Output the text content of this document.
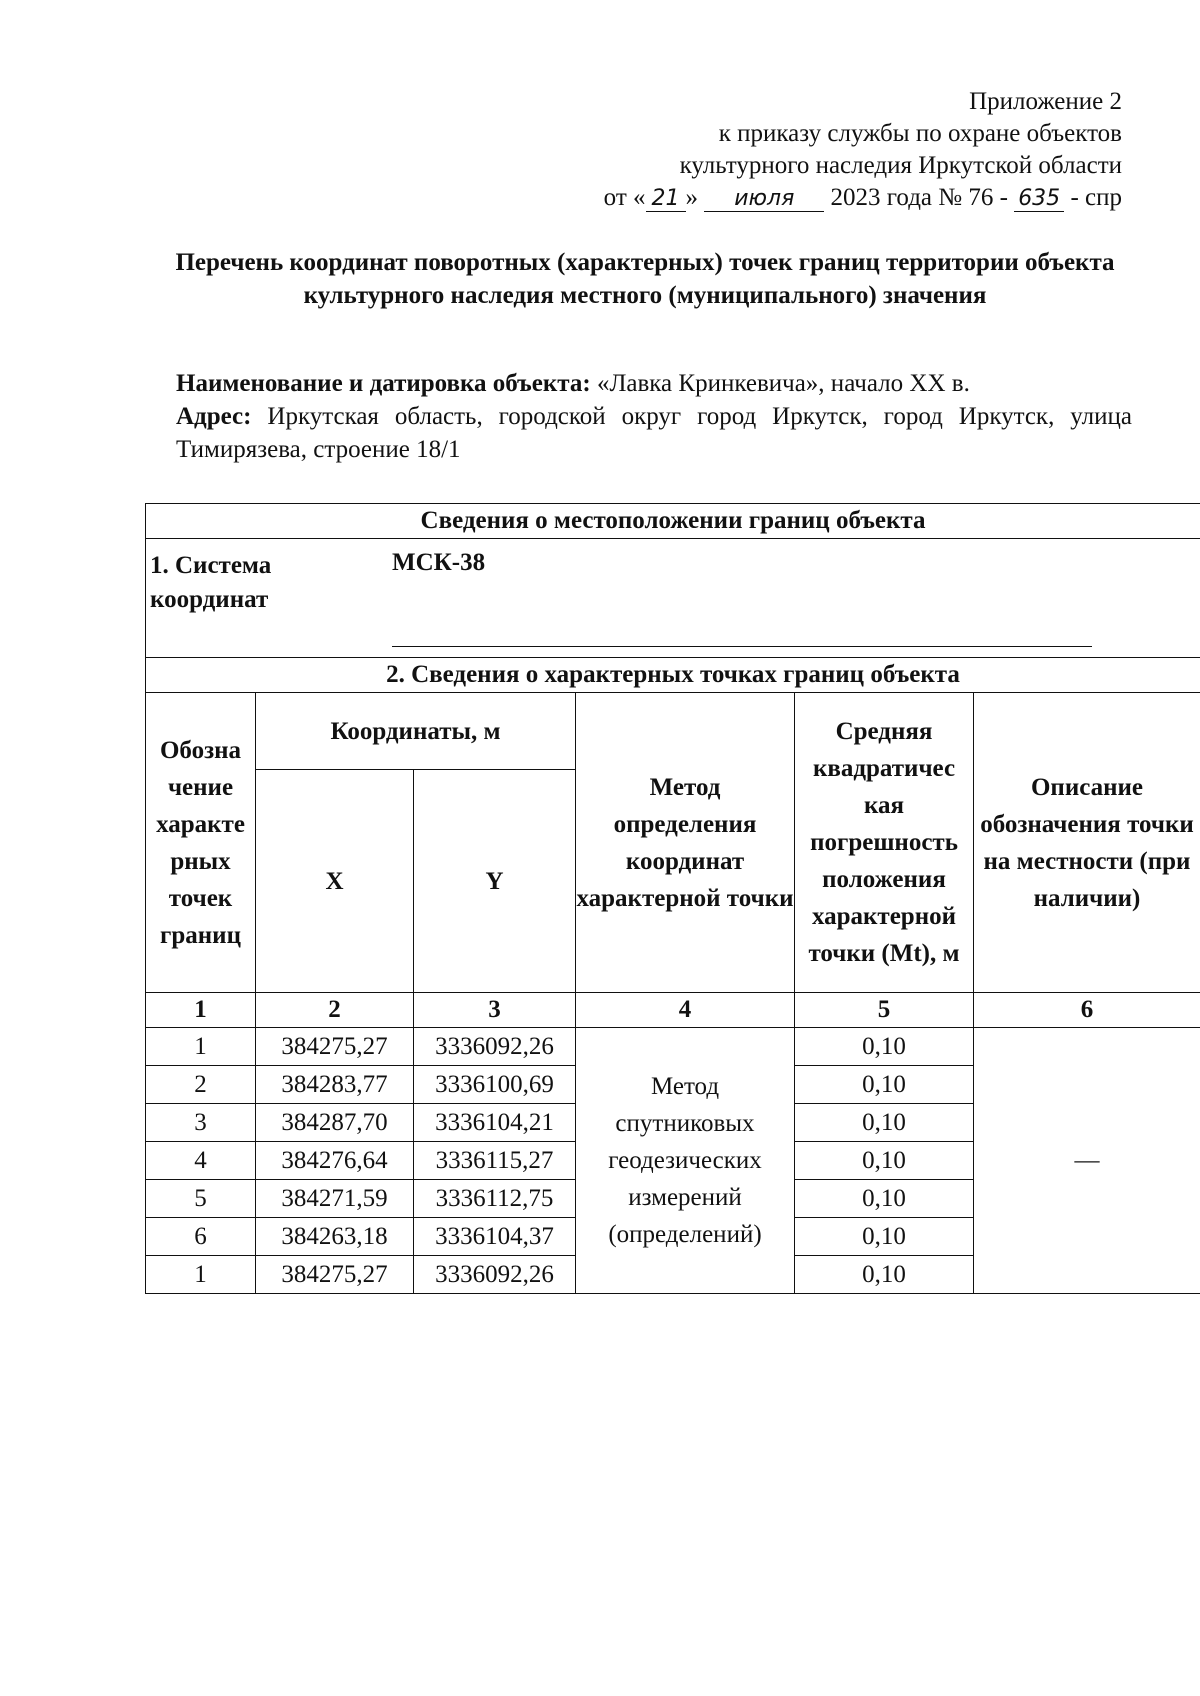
Приложение 2
к приказу службы по охране объектов
культурного наследия Иркутской области
от « 21 » июля 2023 года № 76 - 635 - спр
Перечень координат поворотных (характерных) точек границ территории объекта культурного наследия местного (муниципального) значения
Наименование и датировка объекта: «Лавка Кринкевича», начало XX в.
Адрес: Иркутская область, городской округ город Иркутск, город Иркутск, улица Тимирязева, строение 18/1
Сведения о местоположении границ объекта					

1. Система координат
МСК-38					

2. Сведения о характерных точках границ объекта					
Обозна чение характе рных точек границ	Координаты, м		Метод определения координат характерной точки	Средняя квадратичес кая погрешность положения характерной точки (Mt), м	Описание обозначения точки на местности (при наличии)
	X	Y			
1	2	3	4	5	6
1	384275,27	3336092,26	Метод спутниковых геодезических измерений (определений)	0,10	—
2	384283,77	3336100,69		0,10	
3	384287,70	3336104,21		0,10	
4	384276,64	3336115,27		0,10	
5	384271,59	3336112,75		0,10	
6	384263,18	3336104,37		0,10	
1	384275,27	3336092,26		0,10	
